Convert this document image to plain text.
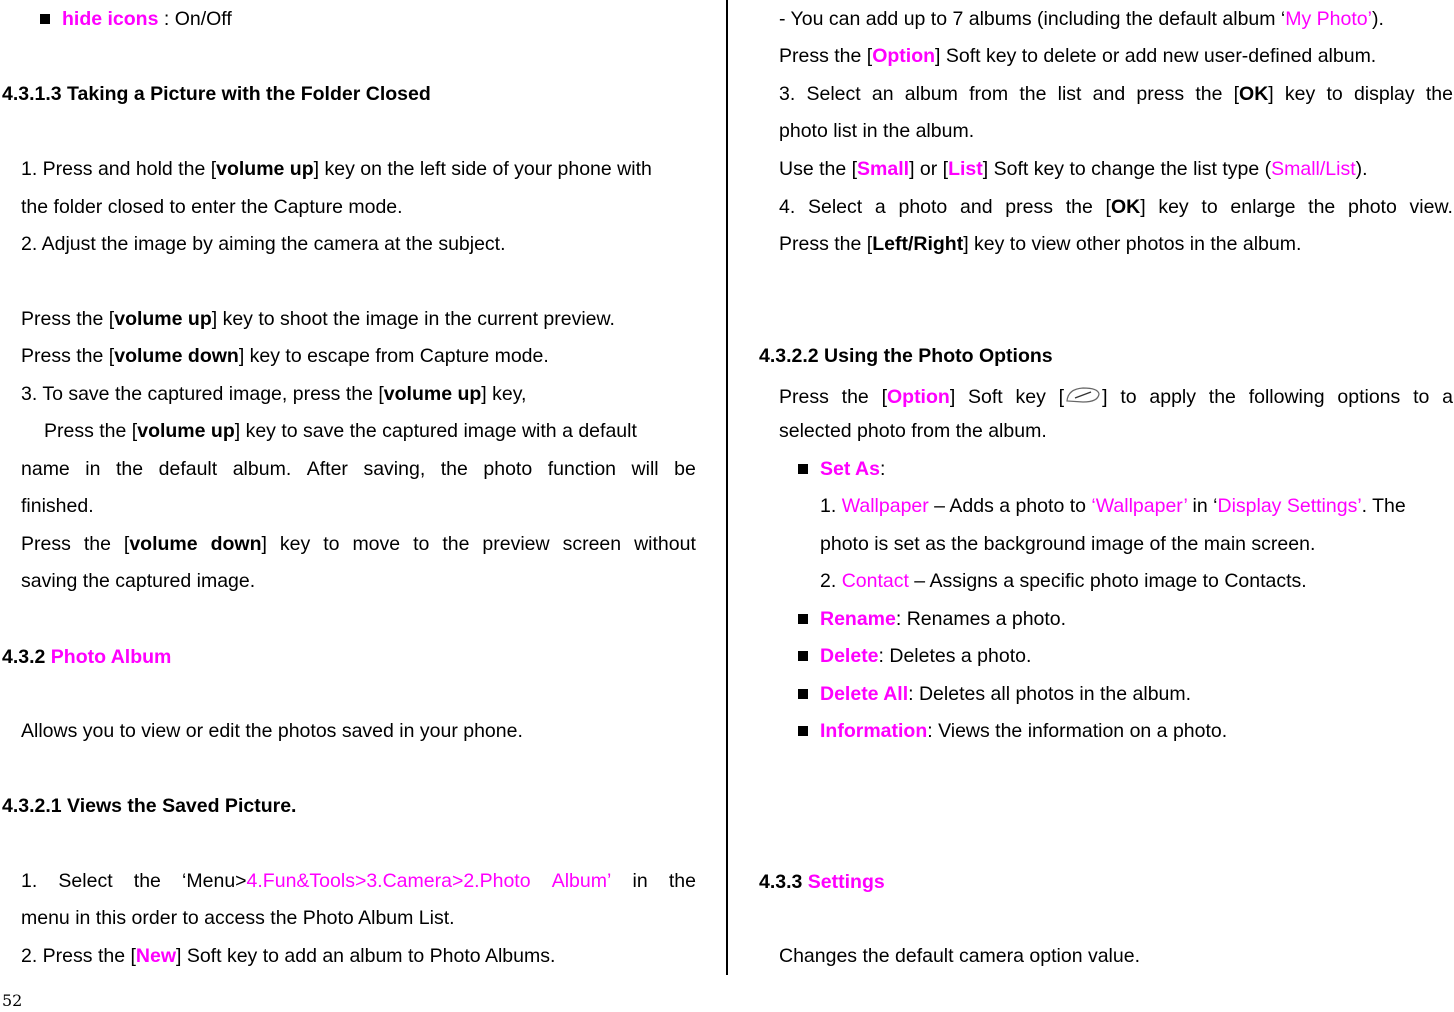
hide icons : On/Off
4.3.1.3 Taking a Picture with the Folder Closed
1. Press and hold the [volume up] key on the left side of your phone with
the folder closed to enter the Capture mode.
2. Adjust the image by aiming the camera at the subject.
Press the [volume up] key to shoot the image in the current preview.
Press the [volume down] key to escape from Capture mode.
3. To save the captured image, press the [volume up] key,
Press the [volume up] key to save the captured image with a default
name in the default album. After saving, the photo function will be
finished.
Press the [volume down] key to move to the preview screen without
saving the captured image.
4.3.2 Photo Album
Allows you to view or edit the photos saved in your phone.
4.3.2.1 Views the Saved Picture.
1. Select the ‘Menu>4.Fun&Tools>3.Camera>2.Photo Album’ in the
menu in this order to access the Photo Album List.
2. Press the [New] Soft key to add an album to Photo Albums.
- You can add up to 7 albums (including the default album ‘My Photo’).
Press the [Option] Soft key to delete or add new user-defined album.
3. Select an album from the list and press the [OK] key to display the
photo list in the album.
Use the [Small] or [List] Soft key to change the list type (Small/List).
4. Select a photo and press the [OK] key to enlarge the photo view.
Press the [Left/Right] key to view other photos in the album.
4.3.2.2 Using the Photo Options
Press the [Option] Soft key [ ] to apply the following options to a
selected photo from the album.
Set As:
1. Wallpaper – Adds a photo to ‘Wallpaper’ in ‘Display Settings’. The
photo is set as the background image of the main screen.
2. Contact – Assigns a specific photo image to Contacts.
Rename: Renames a photo.
Delete: Deletes a photo.
Delete All: Deletes all photos in the album.
Information: Views the information on a photo.
4.3.3 Settings
Changes the default camera option value.
52
